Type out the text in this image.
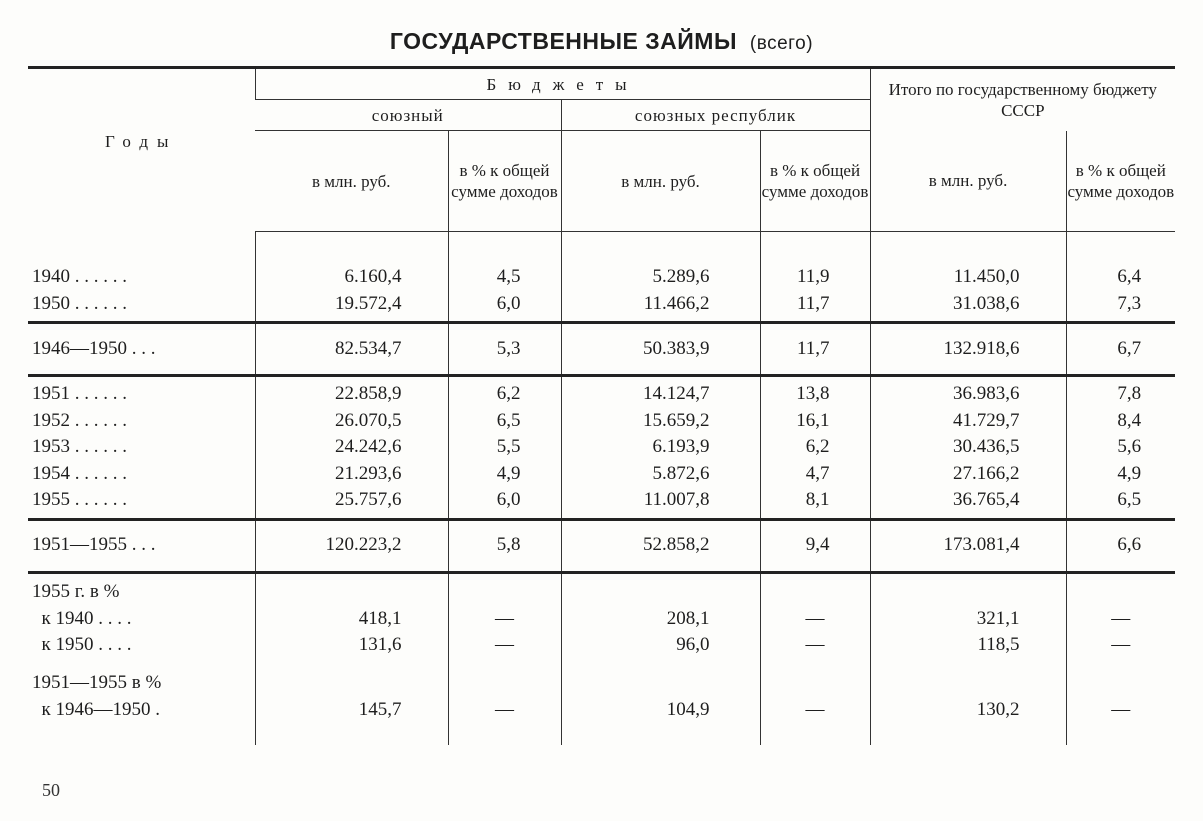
ГОСУДАРСТВЕННЫЕ ЗАЙМЫ (всего)
Годы	Бюджеты				Итого по государственному бюджету СССР	
	союзный		союзных республик			
	в млн. руб.	в % к общей сумме доходов	в млн. руб.	в % к общей сумме доходов	в млн. руб.	в % к общей сумме доходов

1940 . . . . . .	6.160,4	4,5	5.289,6	11,9	11.450,0	6,4
1950 . . . . . .	19.572,4	6,0	11.466,2	11,7	31.038,6	7,3

1946—1950 . . .	82.534,7	5,3	50.383,9	11,7	132.918,6	6,7

1951 . . . . . .	22.858,9	6,2	14.124,7	13,8	36.983,6	7,8
1952 . . . . . .	26.070,5	6,5	15.659,2	16,1	41.729,7	8,4
1953 . . . . . .	24.242,6	5,5	6.193,9	6,2	30.436,5	5,6
1954 . . . . . .	21.293,6	4,9	5.872,6	4,7	27.166,2	4,9
1955 . . . . . .	25.757,6	6,0	11.007,8	8,1	36.765,4	6,5

1951—1955 . . .	120.223,2	5,8	52.858,2	9,4	173.081,4	6,6

1955 г. в %						
к 1940 . . . .	418,1	—	208,1	—	321,1	—
к 1950 . . . .	131,6	—	96,0	—	118,5	—
1951—1955 в %						
к 1946—1950 .	145,7	—	104,9	—	130,2	—

50
